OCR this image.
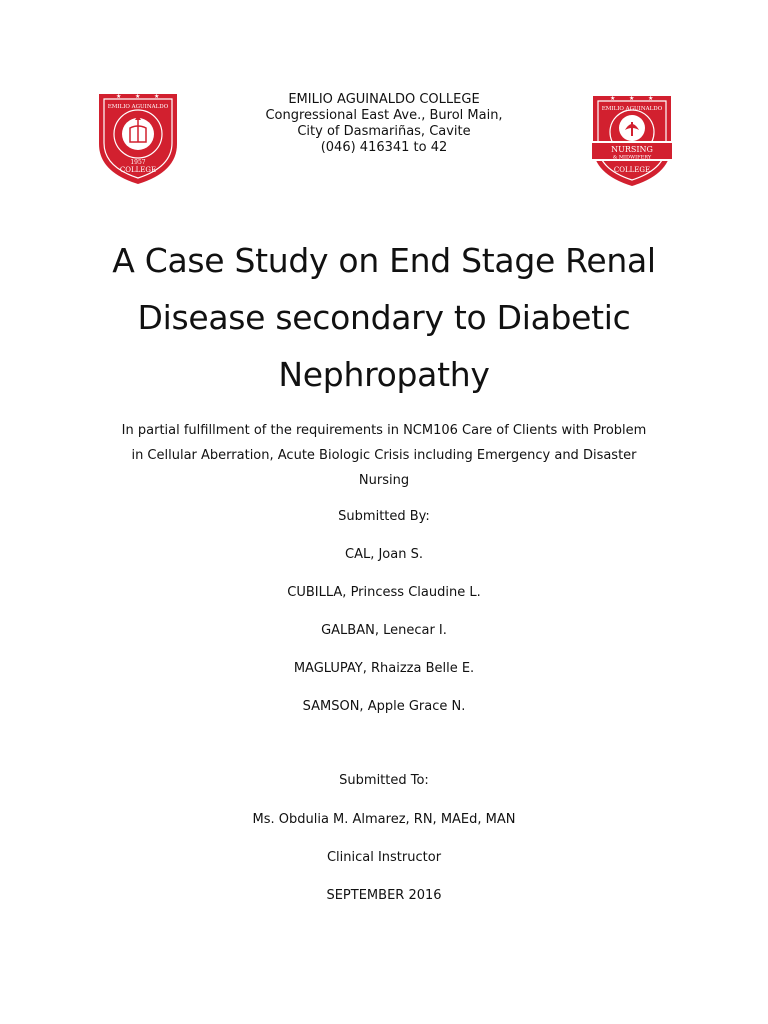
★ ★ ★
1957
COLLEGE
EMILIO AGUINALDO
★ ★ ★
NURSING
& MIDWIFERY
COLLEGE
EMILIO AGUINALDO
EMILIO AGUINALDO COLLEGE
Congressional East Ave., Burol Main,
City of Dasmariñas, Cavite
(046) 416341 to 42
A Case Study on End Stage Renal
Disease secondary to Diabetic
Nephropathy
In partial fulfillment of the requirements in NCM106 Care of Clients with Problem
in Cellular Aberration, Acute Biologic Crisis including Emergency and Disaster
Nursing
Submitted By:
CAL, Joan S.
CUBILLA, Princess Claudine L.
GALBAN, Lenecar I.
MAGLUPAY, Rhaizza Belle E.
SAMSON, Apple Grace N.
Submitted To:
Ms. Obdulia M. Almarez, RN, MAEd, MAN
Clinical Instructor
SEPTEMBER 2016
